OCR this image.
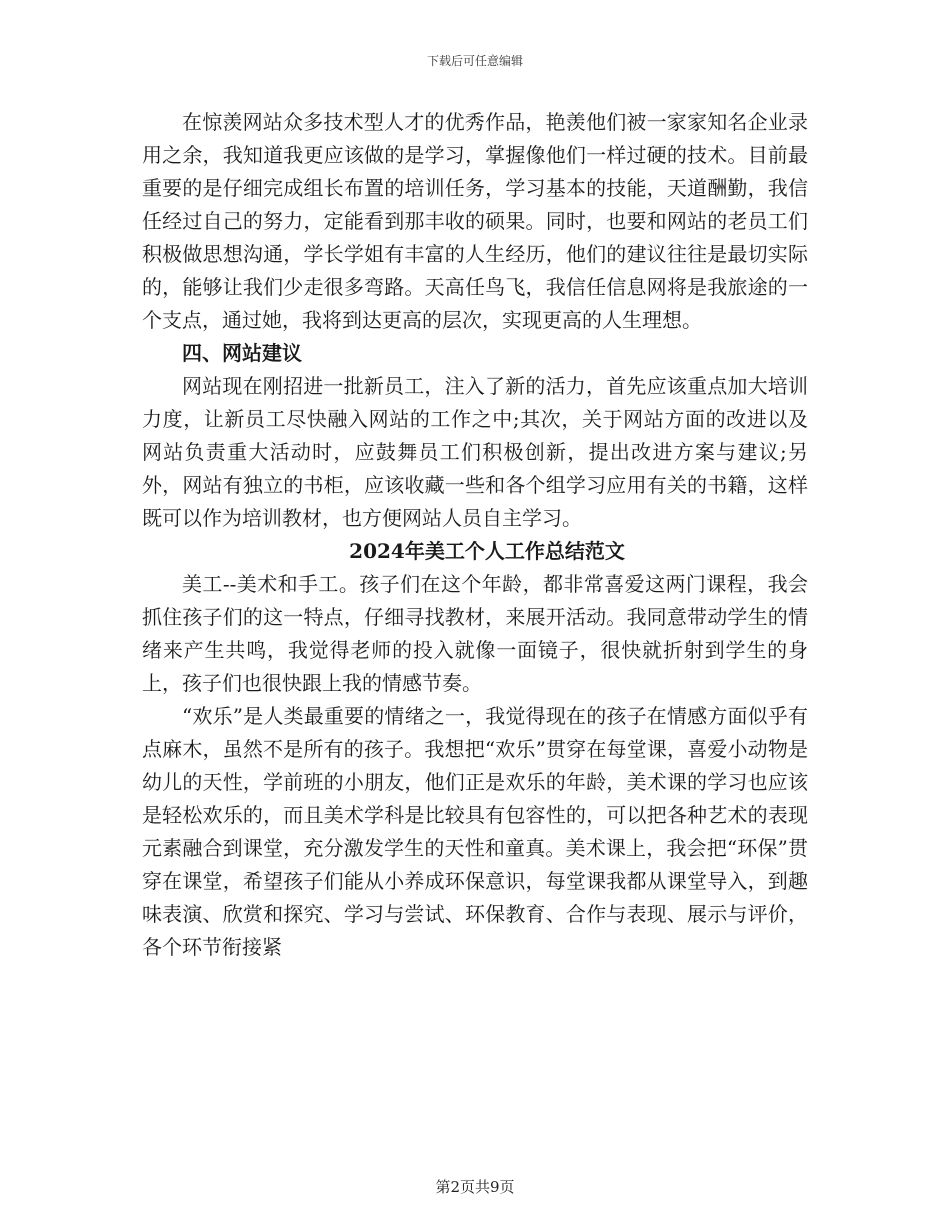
下载后可任意编辑

在惊羡网站众多技术型人才的优秀作品，艳羡他们被一家家知名企业录用之余，我知道我更应该做的是学习，掌握像他们一样过硬的技术。目前最重要的是仔细完成组长布置的培训任务，学习基本的技能，天道酬勤，我信任经过自己的努力，定能看到那丰收的硕果。同时，也要和网站的老员工们积极做思想沟通，学长学姐有丰富的人生经历，他们的建议往往是最切实际的，能够让我们少走很多弯路。天高任鸟飞，我信任信息网将是我旅途的一个支点，通过她，我将到达更高的层次，实现更高的人生理想。

四、网站建议

网站现在刚招进一批新员工，注入了新的活力，首先应该重点加大培训力度，让新员工尽快融入网站的工作之中;其次，关于网站方面的改进以及网站负责重大活动时，应鼓舞员工们积极创新，提出改进方案与建议;另外，网站有独立的书柜，应该收藏一些和各个组学习应用有关的书籍，这样既可以作为培训教材，也方便网站人员自主学习。

2024年美工个人工作总结范文

美工--美术和手工。孩子们在这个年龄，都非常喜爱这两门课程，我会抓住孩子们的这一特点，仔细寻找教材，来展开活动。我同意带动学生的情绪来产生共鸣，我觉得老师的投入就像一面镜子，很快就折射到学生的身上，孩子们也很快跟上我的情感节奏。

“欢乐”是人类最重要的情绪之一，我觉得现在的孩子在情感方面似乎有点麻木，虽然不是所有的孩子。我想把“欢乐”贯穿在每堂课，喜爱小动物是幼儿的天性，学前班的小朋友，他们正是欢乐的年龄，美术课的学习也应该是轻松欢乐的，而且美术学科是比较具有包容性的，可以把各种艺术的表现元素融合到课堂，充分激发学生的天性和童真。美术课上，我会把“环保”贯穿在课堂，希望孩子们能从小养成环保意识，每堂课我都从课堂导入，到趣味表演、欣赏和探究、学习与尝试、环保教育、合作与表现、展示与评价，各个环节衔接紧

第2页共9页
